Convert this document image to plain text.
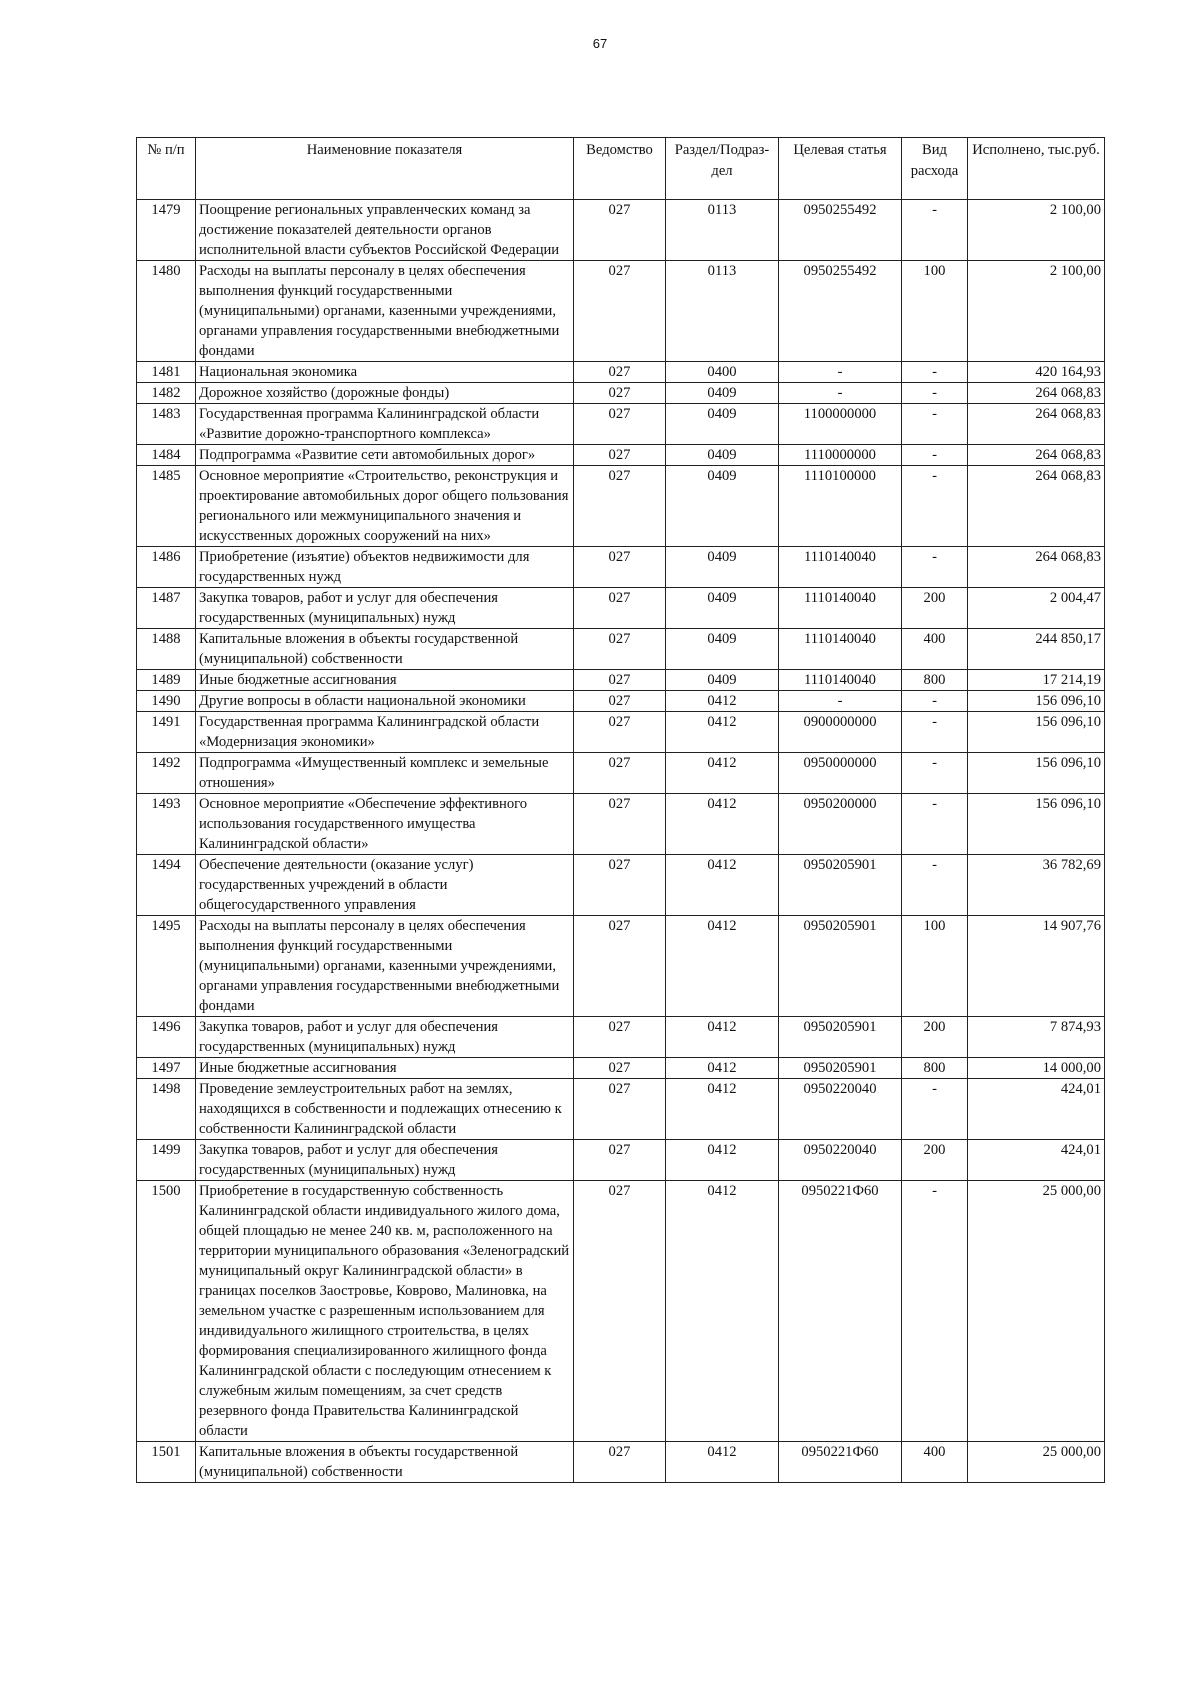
67
№ п/п	Наименовние показателя	Ведомство	Раздел/Подраз-дел	Целевая статья	Вид расхода	Исполнено, тыс.руб.
1479	Поощрение региональных управленческих команд за достижение показателей деятельности органов исполнительной власти субъектов Российской Федерации	027	0113	0950255492	-	2 100,00
1480	Расходы на выплаты персоналу в целях обеспечения выполнения функций государственными (муниципальными) органами, казенными учреждениями, органами управления государственными внебюджетными фондами	027	0113	0950255492	100	2 100,00
1481	Национальная экономика	027	0400	-	-	420 164,93
1482	Дорожное хозяйство (дорожные фонды)	027	0409	-	-	264 068,83
1483	Государственная программа Калининградской области «Развитие дорожно-транспортного комплекса»	027	0409	1100000000	-	264 068,83
1484	Подпрограмма «Развитие сети автомобильных дорог»	027	0409	1110000000	-	264 068,83
1485	Основное мероприятие «Строительство, реконструкция и проектирование автомобильных дорог общего пользования регионального или межмуниципального значения и искусственных дорожных сооружений на них»	027	0409	1110100000	-	264 068,83
1486	Приобретение (изъятие) объектов недвижимости для государственных нужд	027	0409	1110140040	-	264 068,83
1487	Закупка товаров, работ и услуг для обеспечения государственных (муниципальных) нужд	027	0409	1110140040	200	2 004,47
1488	Капитальные вложения в объекты государственной (муниципальной) собственности	027	0409	1110140040	400	244 850,17
1489	Иные бюджетные ассигнования	027	0409	1110140040	800	17 214,19
1490	Другие вопросы в области национальной экономики	027	0412	-	-	156 096,10
1491	Государственная программа Калининградской области «Модернизация экономики»	027	0412	0900000000	-	156 096,10
1492	Подпрограмма «Имущественный комплекс и земельные отношения»	027	0412	0950000000	-	156 096,10
1493	Основное мероприятие «Обеспечение эффективного использования государственного имущества Калининградской области»	027	0412	0950200000	-	156 096,10
1494	Обеспечение деятельности (оказание услуг) государственных учреждений в области общегосударственного управления	027	0412	0950205901	-	36 782,69
1495	Расходы на выплаты персоналу в целях обеспечения выполнения функций государственными (муниципальными) органами, казенными учреждениями, органами управления государственными внебюджетными фондами	027	0412	0950205901	100	14 907,76
1496	Закупка товаров, работ и услуг для обеспечения государственных (муниципальных) нужд	027	0412	0950205901	200	7 874,93
1497	Иные бюджетные ассигнования	027	0412	0950205901	800	14 000,00
1498	Проведение землеустроительных работ на землях, находящихся в собственности и подлежащих отнесению к собственности Калининградской области	027	0412	0950220040	-	424,01
1499	Закупка товаров, работ и услуг для обеспечения государственных (муниципальных) нужд	027	0412	0950220040	200	424,01
1500	Приобретение в государственную собственность Калининградской области индивидуального жилого дома, общей площадью не менее 240 кв. м, расположенного на территории муниципального образования «Зеленоградский муниципальный округ Калининградской области» в границах поселков Заостровье, Коврово, Малиновка, на земельном участке с разрешенным использованием для индивидуального жилищного строительства, в целях формирования специализированного жилищного фонда Калининградской области с последующим отнесением к служебным жилым помещениям, за счет средств резервного фонда Правительства Калининградской области	027	0412	0950221Ф60	-	25 000,00
1501	Капитальные вложения в объекты государственной (муниципальной) собственности	027	0412	0950221Ф60	400	25 000,00
